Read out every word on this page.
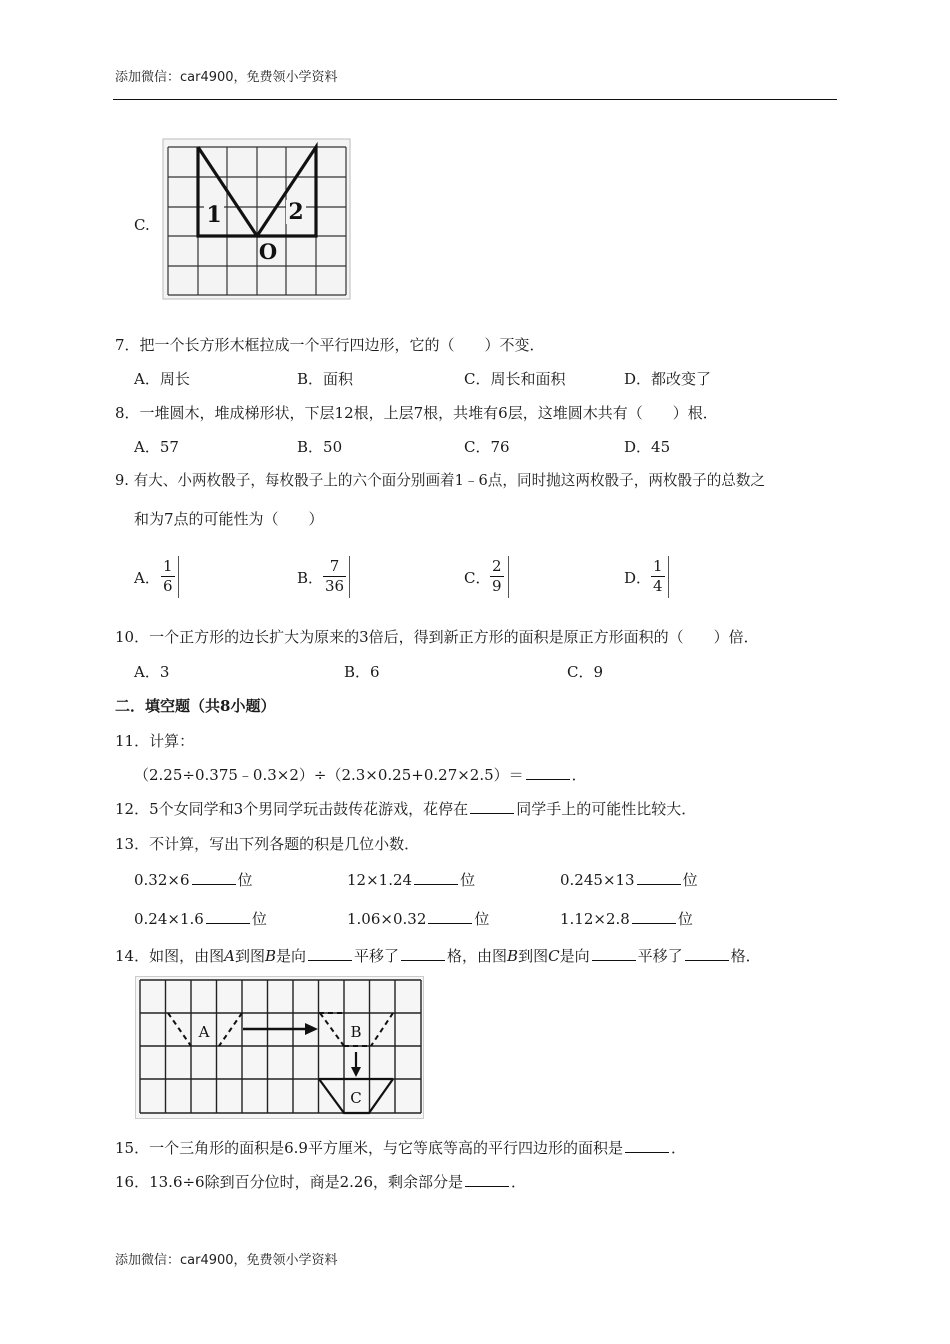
添加微信：car4900，免费领小学资料
C.	1	2
O
7．把一个长方形木框拉成一个平行四边形，它的（　　）不变．
A．周长	B．面积	C．周长和面积	D．都改变了
8．一堆圆木，堆成梯形状，下层12根，上层7根，共堆有6层，这堆圆木共有（　　）根．
A．57	B．50	C．76	D．45
9. 有大、小两枚骰子，每枚骰子上的六个面分别画着1﹣6点，同时抛这两枚骰子，两枚骰子的总数之
和为7点的可能性为（　　）
A．
1
6	B．
7
36	C．
2
9	D．
1
4
10．一个正方形的边长扩大为原来的3倍后，得到新正方形的面积是原正方形面积的（　　）倍．
A．3	B．6	C．9
二．填空题（共8小题）
11．计算：
（2.25÷0.375﹣0.3×2）÷（2.3×0.25+0.27×2.5）＝	．
12．5个女同学和3个男同学玩击鼓传花游戏，花停在	同学手上的可能性比较大．
13．不计算，写出下列各题的积是几位小数．
0.32×6	位	12×1.24	位	0.245×13	位
0.24×1.6	位	1.06×0.32	位	1.12×2.8	位
14．如图，由图A到图B是向	平移了	格，由图B到图C是向	平移了	格．
A	B
C
15．一个三角形的面积是6.9平方厘米，与它等底等高的平行四边形的面积是	．
16．13.6÷6除到百分位时，商是2.26，剩余部分是	．
添加微信：car4900，免费领小学资料
